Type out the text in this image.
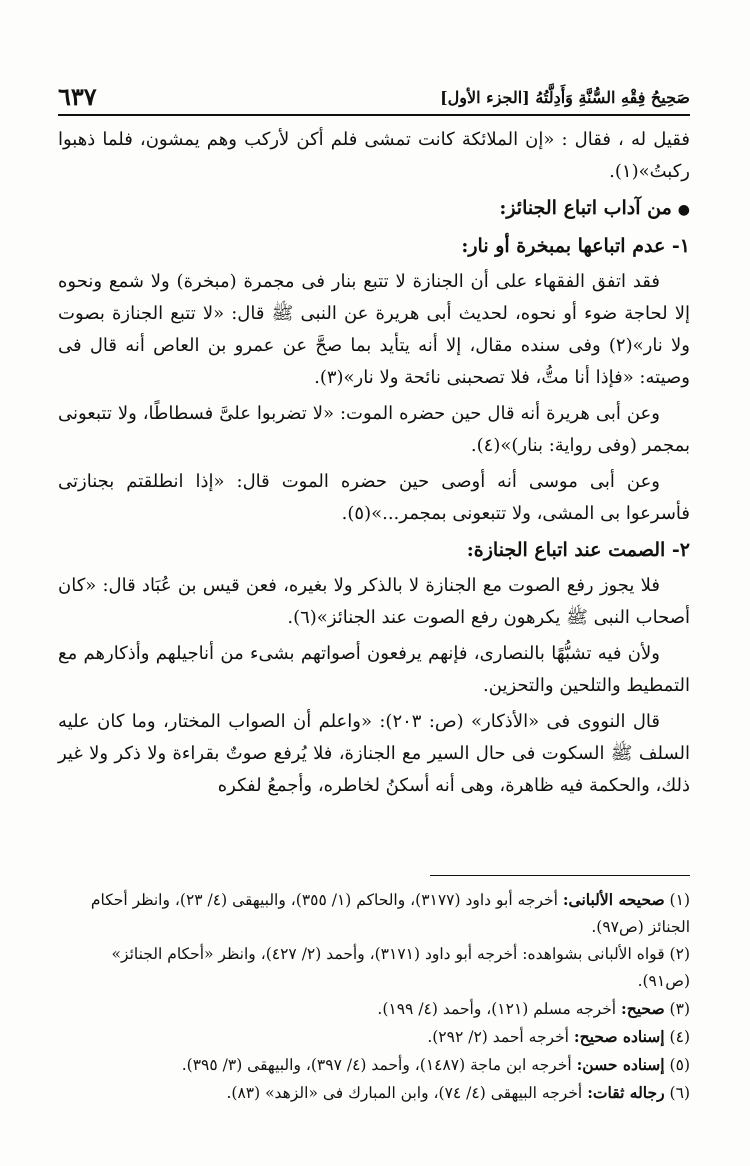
صَحِيحُ فِقْهِ السُّنَّةِ وَأَدِلَّتُهُ [الجزء الأول]
٦٣٧

فقيل له ، فقال : «إن الملائكة كانت تمشى فلم أكن لأركب وهم يمشون، فلما ذهبوا ركبتُ»(١).

●من آداب اتباع الجنائز:

١- عدم اتباعها بمبخرة أو نار:

فقد اتفق الفقهاء على أن الجنازة لا تتبع بنار فى مجمرة (مبخرة) ولا شمع ونحوه إلا لحاجة ضوء أو نحوه، لحديث أبى هريرة عن النبى ﷺ قال: «لا تتبع الجنازة بصوت ولا نار»(٢) وفى سنده مقال، إلا أنه يتأيد بما صحَّ عن عمرو بن العاص أنه قال فى وصيته: «فإذا أنا متُّ، فلا تصحبنى نائحة ولا نار»(٣).

وعن أبى هريرة أنه قال حين حضره الموت: «لا تضربوا علىَّ فسطاطًا، ولا تتبعونى بمجمر (وفى رواية: بنار)»(٤).

وعن أبى موسى أنه أوصى حين حضره الموت قال: «إذا انطلقتم بجنازتى فأسرعوا بى المشى، ولا تتبعونى بمجمر...»(٥).

٢- الصمت عند اتباع الجنازة:

فلا يجوز رفع الصوت مع الجنازة لا بالذكر ولا بغيره، فعن قيس بن عُبَاد قال: «كان أصحاب النبى ﷺ يكرهون رفع الصوت عند الجنائز»(٦).

ولأن فيه تشبُّهًا بالنصارى، فإنهم يرفعون أصواتهم بشىء من أناجيلهم وأذكارهم مع التمطيط والتلحين والتحزين.

قال النووى فى «الأذكار» (ص: ٢٠٣): «واعلم أن الصواب المختار، وما كان عليه السلف ﷺ السكوت فى حال السير مع الجنازة، فلا يُرفع صوتٌ بقراءة ولا ذكر ولا غير ذلك، والحكمة فيه ظاهرة، وهى أنه أسكنُ لخاطره، وأجمعُ لفكره

(١) صحيحه الألبانى: أخرجه أبو داود (٣١٧٧)، والحاكم (١/ ٣٥٥)، والبيهقى (٤/ ٢٣)، وانظر أحكام الجنائز (ص٩٧).

(٢) قواه الألبانى بشواهده: أخرجه أبو داود (٣١٧١)، وأحمد (٢/ ٤٢٧)، وانظر «أحكام الجنائز» (ص٩١).

(٣) صحيح: أخرجه مسلم (١٢١)، وأحمد (٤/ ١٩٩).

(٤) إسناده صحيح: أخرجه أحمد (٢/ ٢٩٢).

(٥) إسناده حسن: أخرجه ابن ماجة (١٤٨٧)، وأحمد (٤/ ٣٩٧)، والبيهقى (٣/ ٣٩٥).

(٦) رجاله ثقات: أخرجه البيهقى (٤/ ٧٤)، وابن المبارك فى «الزهد» (٨٣).
